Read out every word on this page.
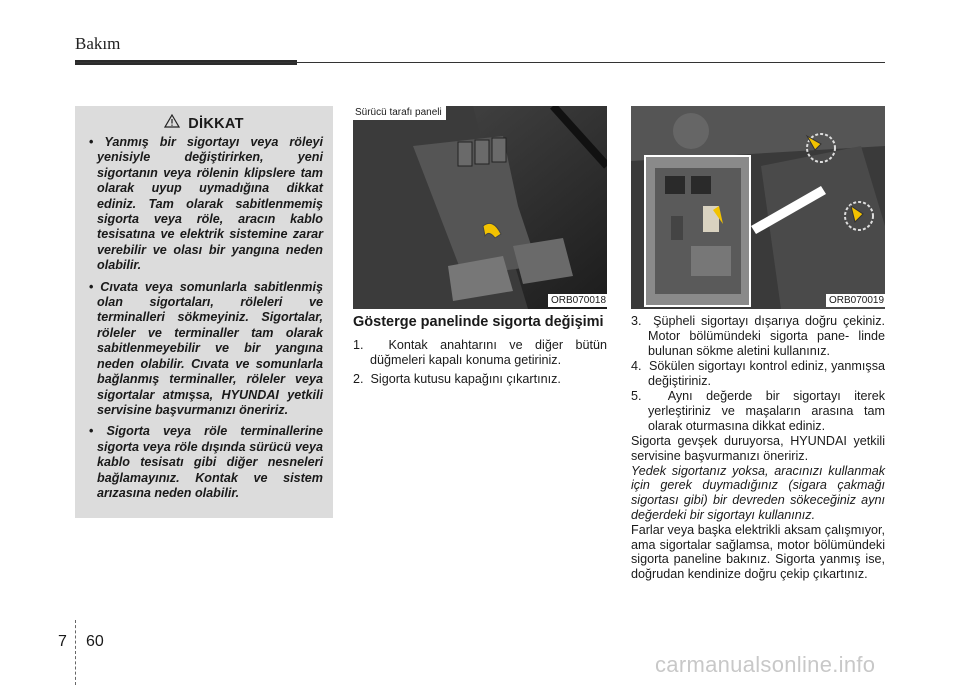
Bakım
DİKKAT
• Yanmış bir sigortayı veya röleyi yenisiyle değiştirirken, yeni sigortanın veya rölenin klipslere tam olarak uyup uymadığına dikkat ediniz. Tam olarak sabitlenmemiş sigorta veya röle, aracın kablo tesisatına ve elektrik sistemine zarar verebilir ve olası bir yangına neden olabilir.
• Cıvata veya somunlarla sabitlenmiş olan sigortaları, röleleri ve terminalleri sökmeyiniz. Sigortalar, röleler ve terminaller tam olarak sabitlenmeyebilir ve bir yangına neden olabilir. Cıvata ve somunlarla bağlanmış terminaller, röleler veya sigortalar atmışsa, HYUNDAI yetkili servisine başvurmanızı öneririz.
• Sigorta veya röle terminallerine sigorta veya röle dışında sürücü veya kablo tesisatı gibi diğer nesneleri bağlamayınız. Kontak ve sistem arızasına neden olabilir.
Sürücü tarafı paneli
ORB070018	ORB070019
Gösterge panelinde sigorta değişimi
1. Kontak anahtarını ve diğer bütün düğmeleri kapalı konuma getiriniz.
2. Sigorta kutusu kapağını çıkartınız.
3. Şüpheli sigortayı dışarıya doğru çekiniz. Motor bölümündeki sigorta pane- linde bulunan sökme aletini kullanınız.
4. Sökülen sigortayı kontrol ediniz, yanmışsa değiştiriniz.
5. Aynı değerde bir sigortayı iterek yerleştiriniz ve maşaların arasına tam olarak oturmasına dikkat ediniz.

Sigorta gevşek duruyorsa, HYUNDAI yetkili servisine başvurmanızı öneririz.

Yedek sigortanız yoksa, aracınızı kullanmak için gerek duymadığınız (sigara çakmağı sigortası gibi) bir devreden sökeceğiniz aynı değerdeki bir sigortayı kullanınız.

Farlar veya başka elektrikli aksam çalışmıyor, ama sigortalar sağlamsa, motor bölümündeki sigorta paneline bakınız. Sigorta yanmış ise, doğrudan kendinize doğru çekip çıkartınız.

7 60
carmanualsonline.info
